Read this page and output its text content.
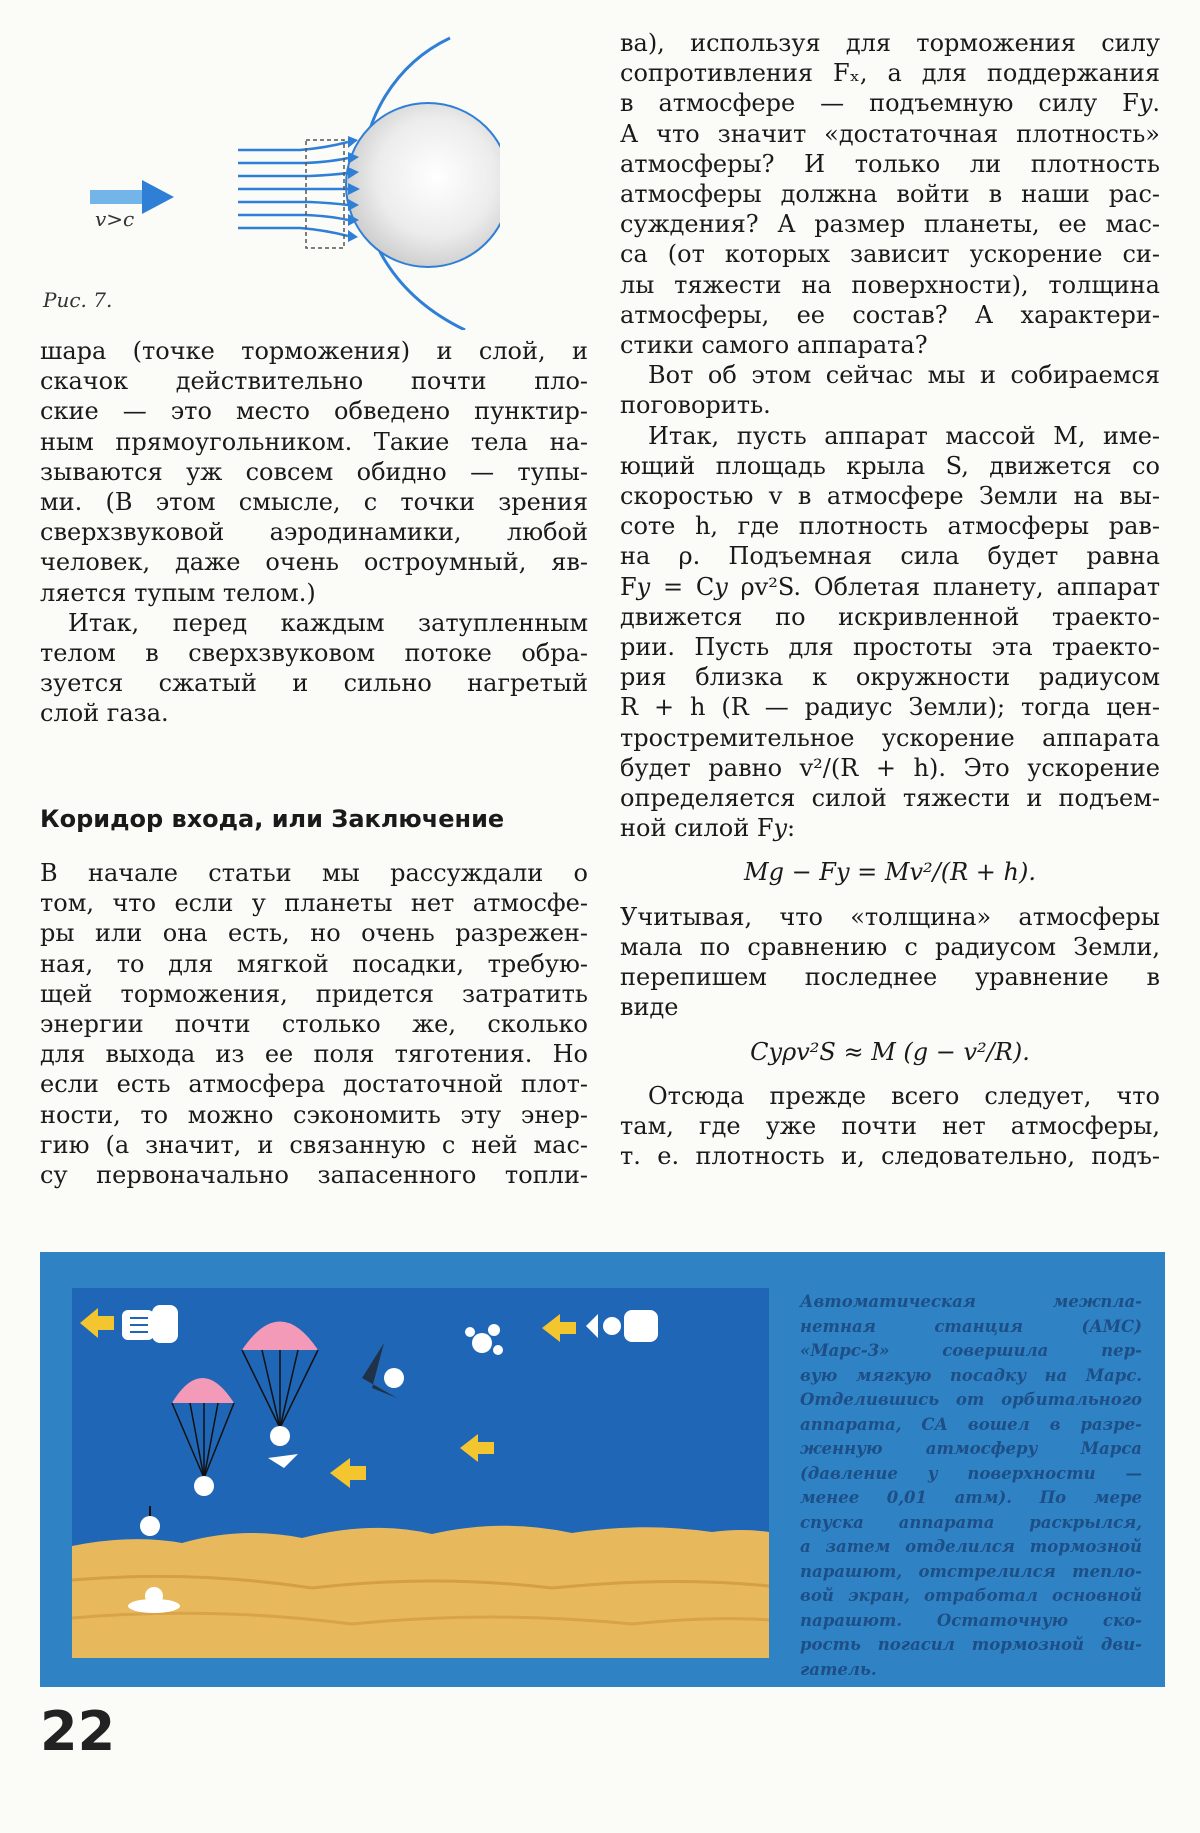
v>c
Рис. 7.

шара (точке торможения) и слой, и

скачок действительно почти пло-

ские — это место обведено пунктир-

ным прямоугольником. Такие тела на-

зываются уж совсем обидно — тупы-

ми. (В этом смысле, с точки зрения

сверхзвуковой аэродинамики, любой

человек, даже очень остроумный, яв-

ляется тупым телом.)

Итак, перед каждым затупленным

телом в сверхзвуковом потоке обра-

зуется сжатый и сильно нагретый

слой газа.

Коридор входа, или Заключение

В начале статьи мы рассуждали о

том, что если у планеты нет атмосфе-

ры или она есть, но очень разрежен-

ная, то для мягкой посадки, требую-

щей торможения, придется затратить

энергии почти столько же, сколько

для выхода из ее поля тяготения. Но

если есть атмосфера достаточной плот-

ности, то можно сэкономить эту энер-

гию (а значит, и связанную с ней мас-

су первоначально запасенного топли-

ва), используя для торможения силу

сопротивления Fₓ, а для поддержания

в атмосфере — подъемную силу F𝑦.

А что значит «достаточная плотность»

атмосферы? И только ли плотность

атмосферы должна войти в наши рас-

суждения? А размер планеты, ее мас-

са (от которых зависит ускорение си-

лы тяжести на поверхности), толщина

атмосферы, ее состав? А характери-

стики самого аппарата?

Вот об этом сейчас мы и собираемся

поговорить.

Итак, пусть аппарат массой M, име-

ющий площадь крыла S, движется со

скоростью v в атмосфере Земли на вы-

соте h, где плотность атмосферы рав-

на ρ. Подъемная сила будет равна

F𝑦 = C𝑦 ρv²S. Облетая планету, аппарат

движется по искривленной траекто-

рии. Пусть для простоты эта траекто-

рия близка к окружности радиусом

R + h (R — радиус Земли); тогда цен-

тростремительное ускорение аппарата

будет равно v²/(R + h). Это ускорение

определяется силой тяжести и подъем-

ной силой F𝑦:

Mg − F𝑦 = Mv²/(R + h).

Учитывая, что «толщина» атмосферы

мала по сравнению с радиусом Земли,

перепишем последнее уравнение в

виде

C𝑦ρv²S ≈ M (g − v²/R).

Отсюда прежде всего следует, что

там, где уже почти нет атмосферы,

т. е. плотность и, следовательно, подъ-

Автоматическая межпла-

нетная станция (АМС)

«Марс-3» совершила пер-

вую мягкую посадку на Марс.

Отделившись от орбитального

аппарата, СА вошел в разре-

женную атмосферу Марса

(давление у поверхности —

менее 0,01 атм). По мере

спуска аппарата раскрылся,

а затем отделился тормозной

парашют, отстрелился тепло-

вой экран, отработал основной

парашют. Остаточную ско-

рость погасил тормозной дви-

гатель.

22
